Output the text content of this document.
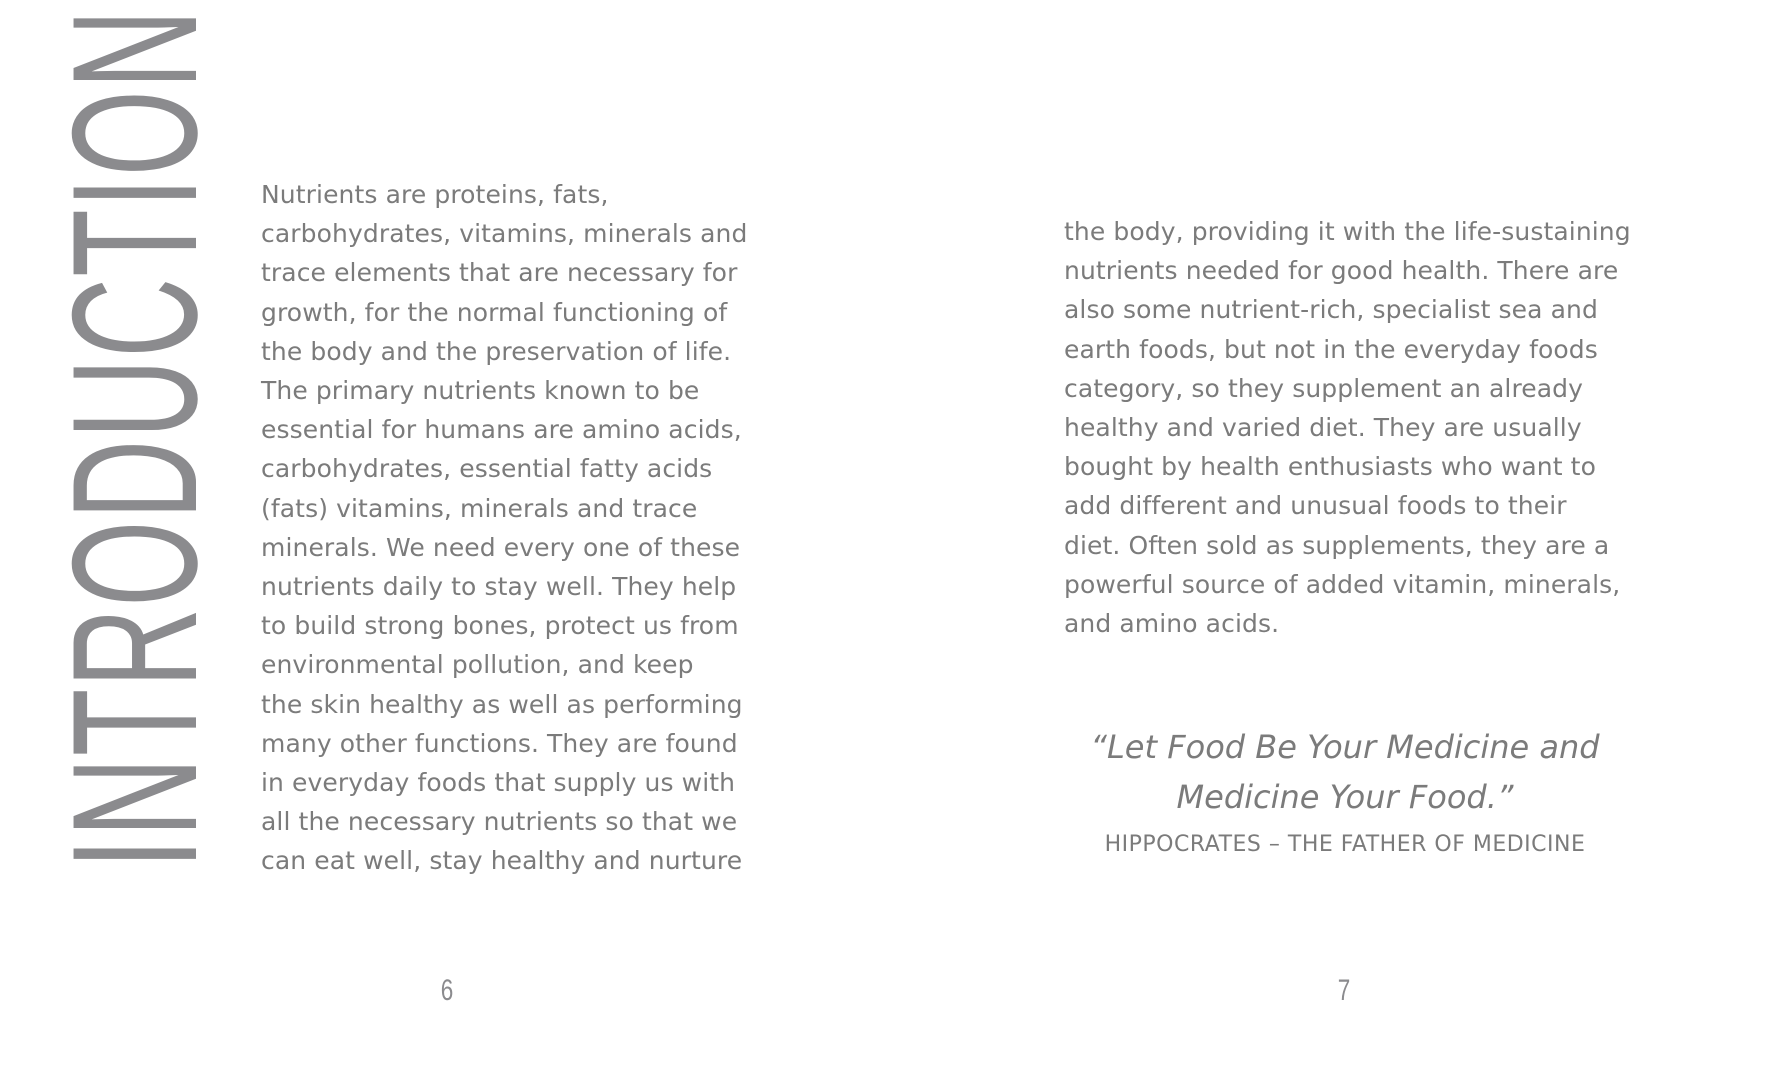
INTRODUCTION Nutrients are proteins, fats,
carbohydrates, vitamins, minerals and
trace elements that are necessary for
growth, for the normal functioning of
the body and the preservation of life.
The primary nutrients known to be
essential for humans are amino acids,
carbohydrates, essential fatty acids
(fats) vitamins, minerals and trace
minerals. We need every one of these
nutrients daily to stay well. They help
to build strong bones, protect us from
environmental pollution, and keep
the skin healthy as well as performing
many other functions. They are found
in everyday foods that supply us with
all the necessary nutrients so that we
can eat well, stay healthy and nurture
6
the body, providing it with the life-sustaining
nutrients needed for good health. There are
also some nutrient-rich, specialist sea and
earth foods, but not in the everyday foods
category, so they supplement an already
healthy and varied diet. They are usually
bought by health enthusiasts who want to
add different and unusual foods to their
diet. Often sold as supplements, they are a
powerful source of added vitamin, minerals,
and amino acids.

“Let Food Be Your Medicine and
Medicine Your Food.”

HIPPOCRATES – THE FATHER OF MEDICINE
7
